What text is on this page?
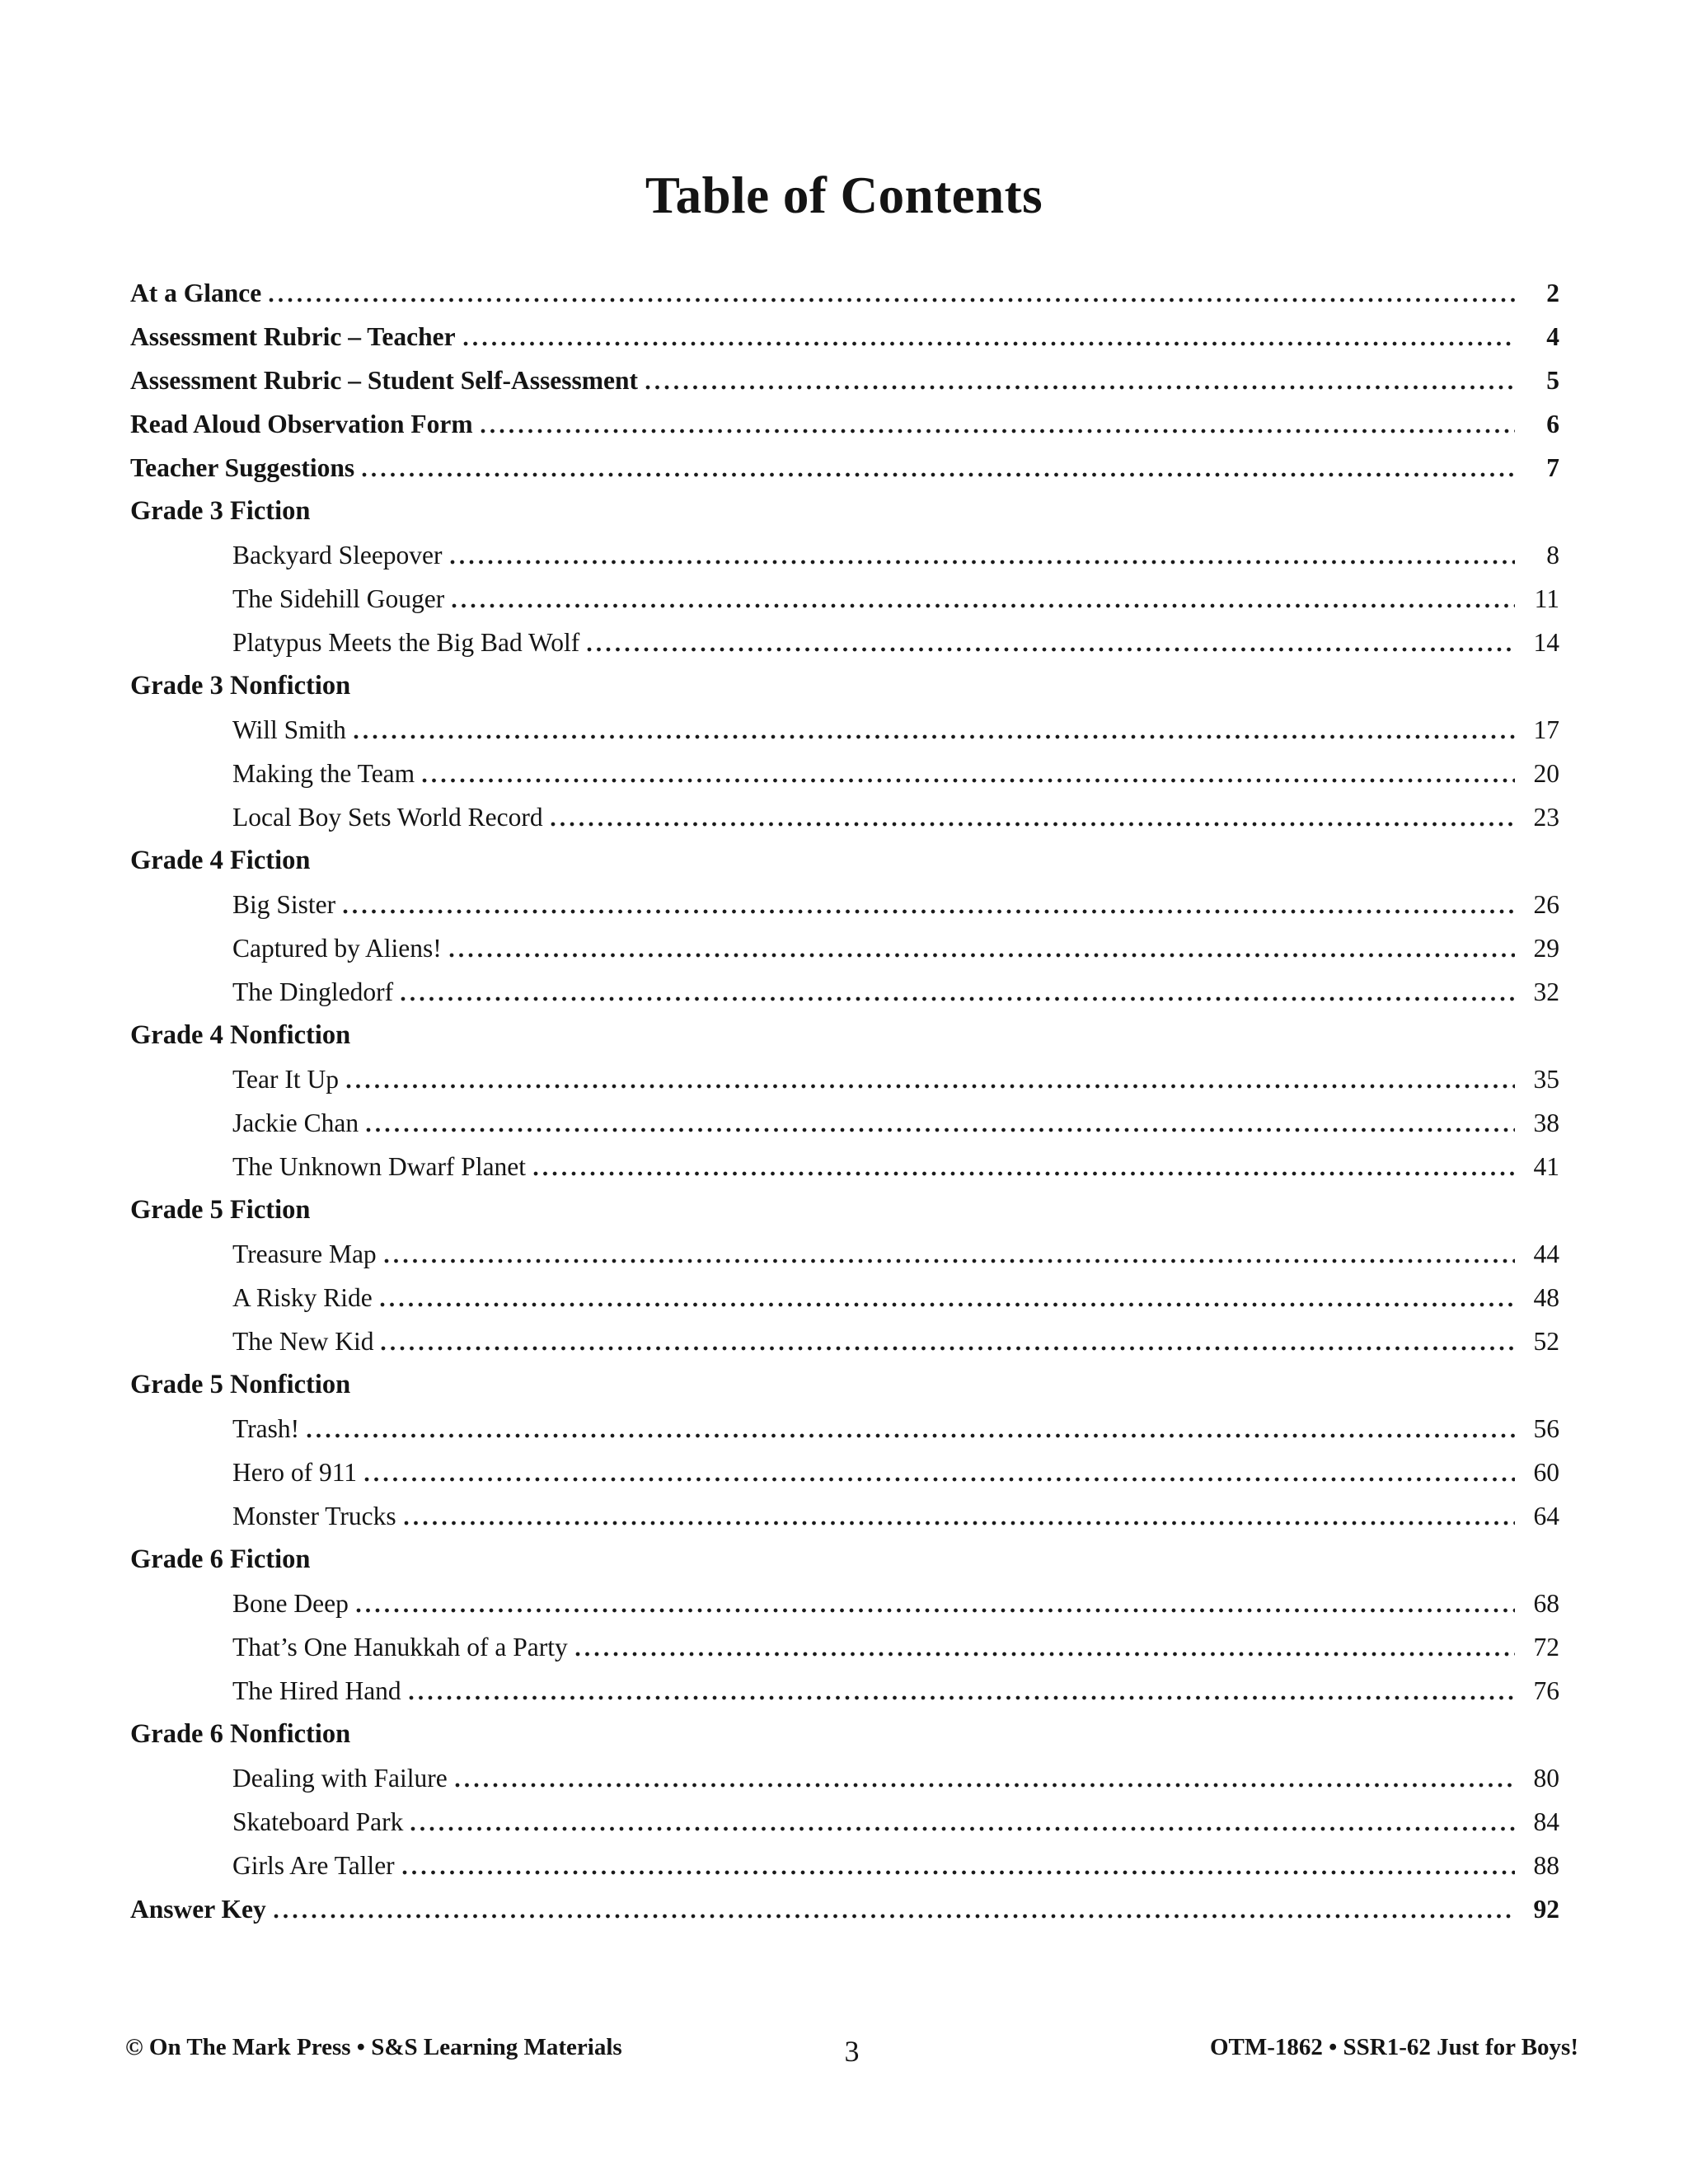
Table of Contents
At a Glance	2
Assessment Rubric – Teacher	4
Assessment Rubric – Student Self-Assessment	5
Read Aloud Observation Form	6
Teacher Suggestions	7
Grade 3 Fiction
Backyard Sleepover	8
The Sidehill Gouger	11
Platypus Meets the Big Bad Wolf	14
Grade 3 Nonfiction
Will Smith	17
Making the Team	20
Local Boy Sets World Record	23
Grade 4 Fiction
Big Sister	26
Captured by Aliens!	29
The Dingledorf	32
Grade 4 Nonfiction
Tear It Up	35
Jackie Chan	38
The Unknown Dwarf Planet	41
Grade 5 Fiction
Treasure Map	44
A Risky Ride	48
The New Kid	52
Grade 5 Nonfiction
Trash!	56
Hero of 911	60
Monster Trucks	64
Grade 6 Fiction
Bone Deep	68
That’s One Hanukkah of a Party	72
The Hired Hand	76
Grade 6 Nonfiction
Dealing with Failure	80
Skateboard Park	84
Girls Are Taller	88
Answer Key	92
© On The Mark Press • S&S Learning Materials	3	OTM-1862 • SSR1-62 Just for Boys!
